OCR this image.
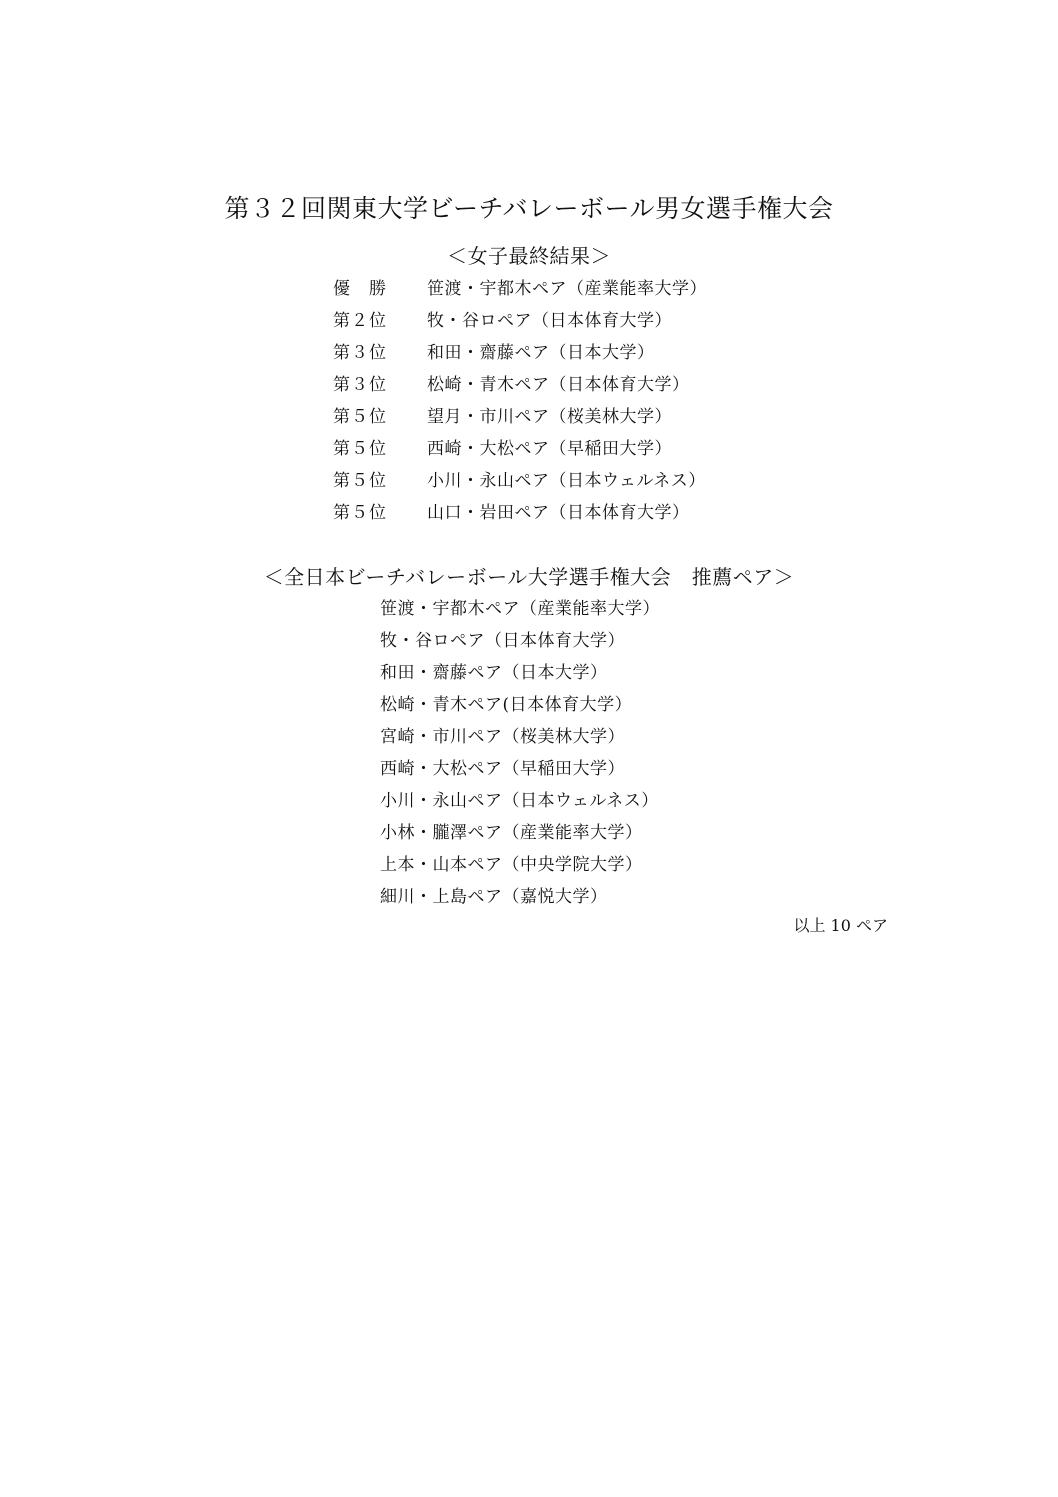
第３２回関東大学ビーチバレーボール男女選手権大会
＜女子最終結果＞
優　勝 笹渡・宇都木ペア（産業能率大学）
第２位 牧・谷ロペア（日本体育大学）
第３位 和田・齋藤ペア（日本大学）
第３位 松崎・青木ペア（日本体育大学）
第５位 望月・市川ペア（桜美林大学）
第５位 西崎・大松ペア（早稲田大学）
第５位 小川・永山ペア（日本ウェルネス）
第５位 山口・岩田ペア（日本体育大学）
＜全日本ビーチバレーボール大学選手権大会　推薦ペア＞
笹渡・宇都木ペア（産業能率大学）
牧・谷ロペア（日本体育大学）
和田・齋藤ペア（日本大学）
松崎・青木ペア(日本体育大学）
宮崎・市川ペア（桜美林大学）
西崎・大松ペア（早稲田大学）
小川・永山ペア（日本ウェルネス）
小林・朧澤ペア（産業能率大学）
上本・山本ペア（中央学院大学）
細川・上島ペア（嘉悦大学）
以上 10 ペア
